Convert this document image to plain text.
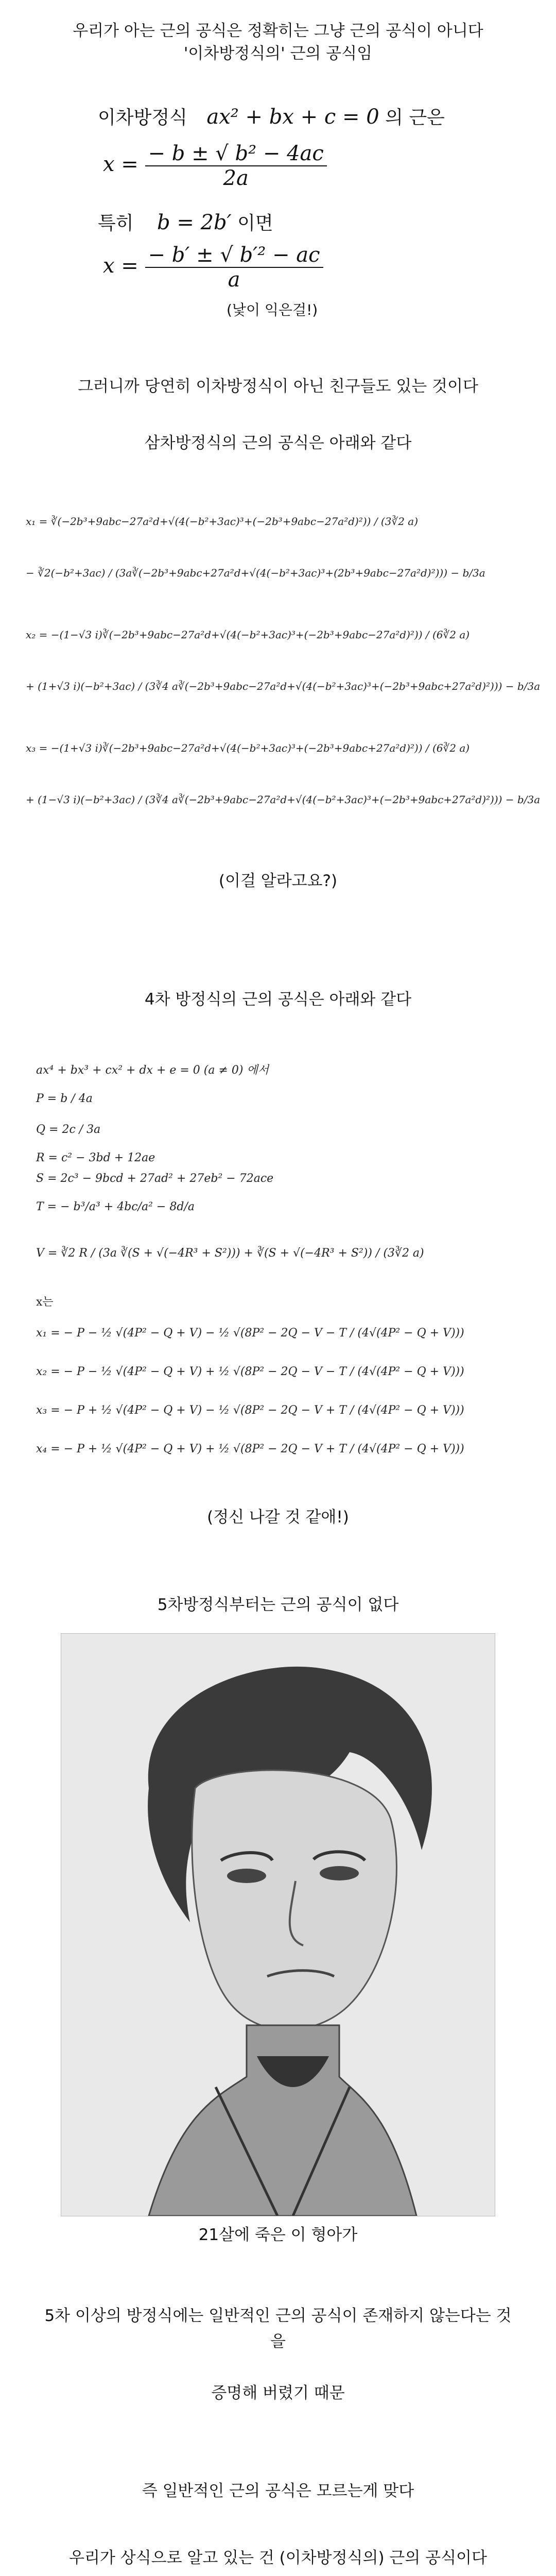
우리가 아는 근의 공식은 정확히는 그냥 근의 공식이 아니다

'이차방정식의' 근의 공식임

이차방정식 ax² + bx + c = 0 의 근은
$x = \frac{\text{− b ± √ b² − 4ac}}{2a}$
특히 b = 2b′ 이면
$x = \frac{\text{− b′ ± √ b′² − ac}}{a}$
(낯이 익은걸!)

그러니까 당연히 이차방정식이 아닌 친구들도 있는 것이다

삼차방정식의 근의 공식은 아래와 같다

x₁ = ∛(−2b³+9abc−27a²d+√(4(−b²+3ac)³+(−2b³+9abc−27a²d)²)) / (3∛2 a)
− ∛2(−b²+3ac) / (3a∛(−2b³+9abc+27a²d+√(4(−b²+3ac)³+(2b³+9abc−27a²d)²))) − b/3a
x₂ = −(1−√3 i)∛(−2b³+9abc−27a²d+√(4(−b²+3ac)³+(−2b³+9abc−27a²d)²)) / (6∛2 a)
+ (1+√3 i)(−b²+3ac) / (3∛4 a∛(−2b³+9abc−27a²d+√(4(−b²+3ac)³+(−2b³+9abc+27a²d)²))) − b/3a
x₃ = −(1+√3 i)∛(−2b³+9abc−27a²d+√(4(−b²+3ac)³+(−2b³+9abc+27a²d)²)) / (6∛2 a)
+ (1−√3 i)(−b²+3ac) / (3∛4 a∛(−2b³+9abc−27a²d+√(4(−b²+3ac)³+(−2b³+9abc+27a²d)²))) − b/3a

(이걸 알라고요?)

4차 방정식의 근의 공식은 아래와 같다

ax⁴ + bx³ + cx² + dx + e = 0 (a ≠ 0) 에서
P = b / 4a
Q = 2c / 3a
R = c² − 3bd + 12ae
S = 2c³ − 9bcd + 27ad² + 27eb² − 72ace
T = − b³/a³ + 4bc/a² − 8d/a
V = ∛2 R / (3a ∛(S + √(−4R³ + S²))) + ∛(S + √(−4R³ + S²)) / (3∛2 a)
x는
x₁ = − P − ½ √(4P² − Q + V) − ½ √(8P² − 2Q − V − T / (4√(4P² − Q + V)))
x₂ = − P − ½ √(4P² − Q + V) + ½ √(8P² − 2Q − V − T / (4√(4P² − Q + V)))
x₃ = − P + ½ √(4P² − Q + V) − ½ √(8P² − 2Q − V + T / (4√(4P² − Q + V)))
x₄ = − P + ½ √(4P² − Q + V) + ½ √(8P² − 2Q − V + T / (4√(4P² − Q + V)))

(정신 나갈 것 같애!)

5차방정식부터는 근의 공식이 없다

21살에 죽은 이 형아가

5차 이상의 방정식에는 일반적인 근의 공식이 존재하지 않는다는 것

을

증명해 버렸기 때문

즉 일반적인 근의 공식은 모르는게 맞다

우리가 상식으로 알고 있는 건 (이차방정식의) 근의 공식이다
